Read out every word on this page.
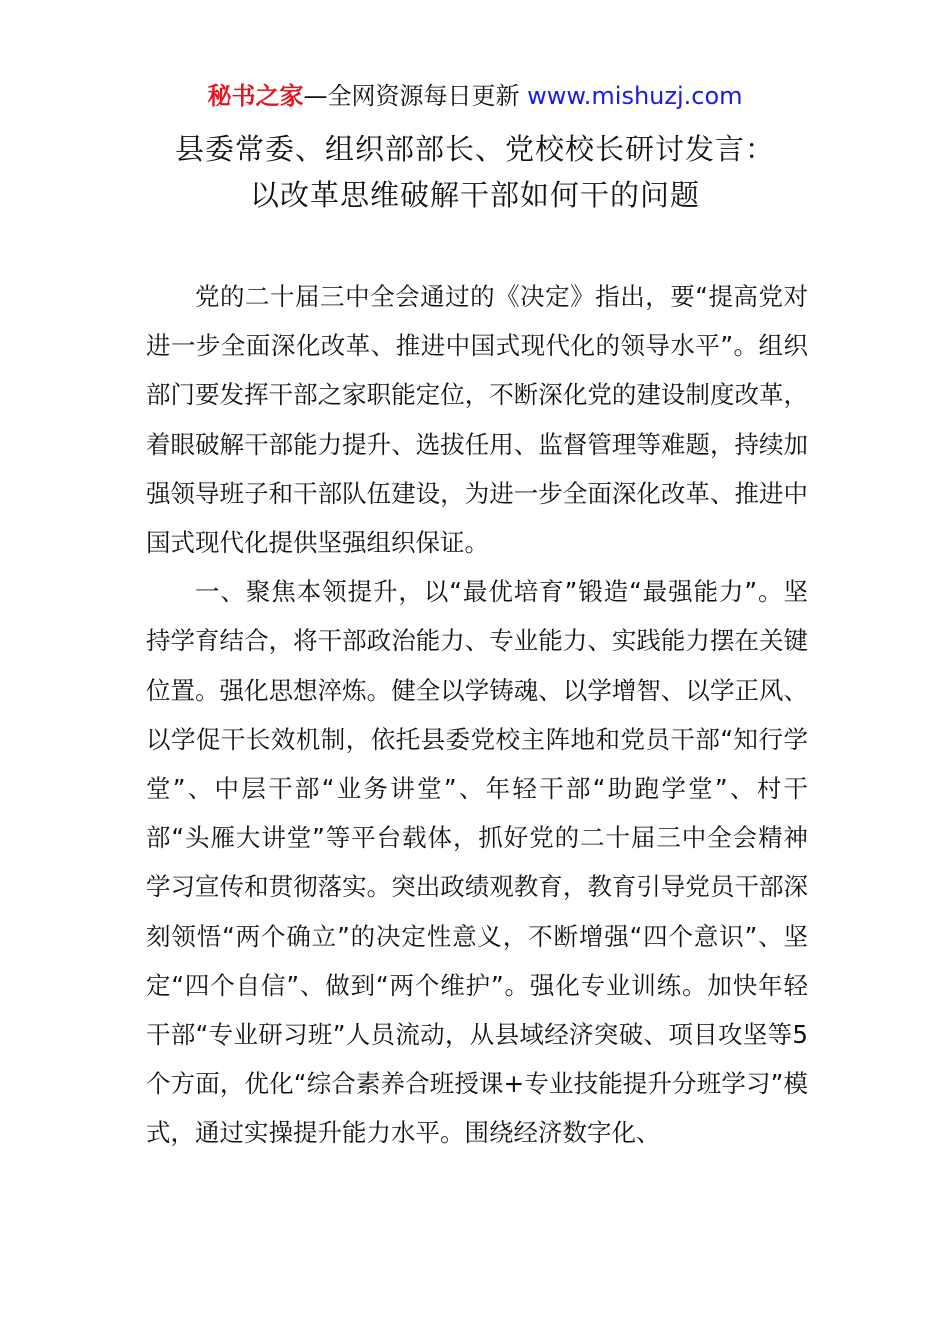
秘书之家—全网资源每日更新 www.mishuzj.com
县委常委、组织部部长、党校校长研讨发言：
以改革思维破解干部如何干的问题

党的二十届三中全会通过的《决定》指出，要“提高党对进一步全面深化改革、推进中国式现代化的领导水平”。组织部门要发挥干部之家职能定位，不断深化党的建设制度改革，着眼破解干部能力提升、选拔任用、监督管理等难题，持续加强领导班子和干部队伍建设，为进一步全面深化改革、推进中国式现代化提供坚强组织保证。

一、聚焦本领提升，以“最优培育”锻造“最强能力”。坚持学育结合，将干部政治能力、专业能力、实践能力摆在关键位置。强化思想淬炼。健全以学铸魂、以学增智、以学正风、以学促干长效机制，依托县委党校主阵地和党员干部“知行学堂”、中层干部“业务讲堂”、年轻干部“助跑学堂”、村干部“头雁大讲堂”等平台载体，抓好党的二十届三中全会精神学习宣传和贯彻落实。突出政绩观教育，教育引导党员干部深刻领悟“两个确立”的决定性意义，不断增强“四个意识”、坚定“四个自信”、做到“两个维护”。强化专业训练。加快年轻干部“专业研习班”人员流动，从县域经济突破、项目攻坚等5个方面，优化“综合素养合班授课+专业技能提升分班学习”模式，通过实操提升能力水平。围绕经济数字化、
